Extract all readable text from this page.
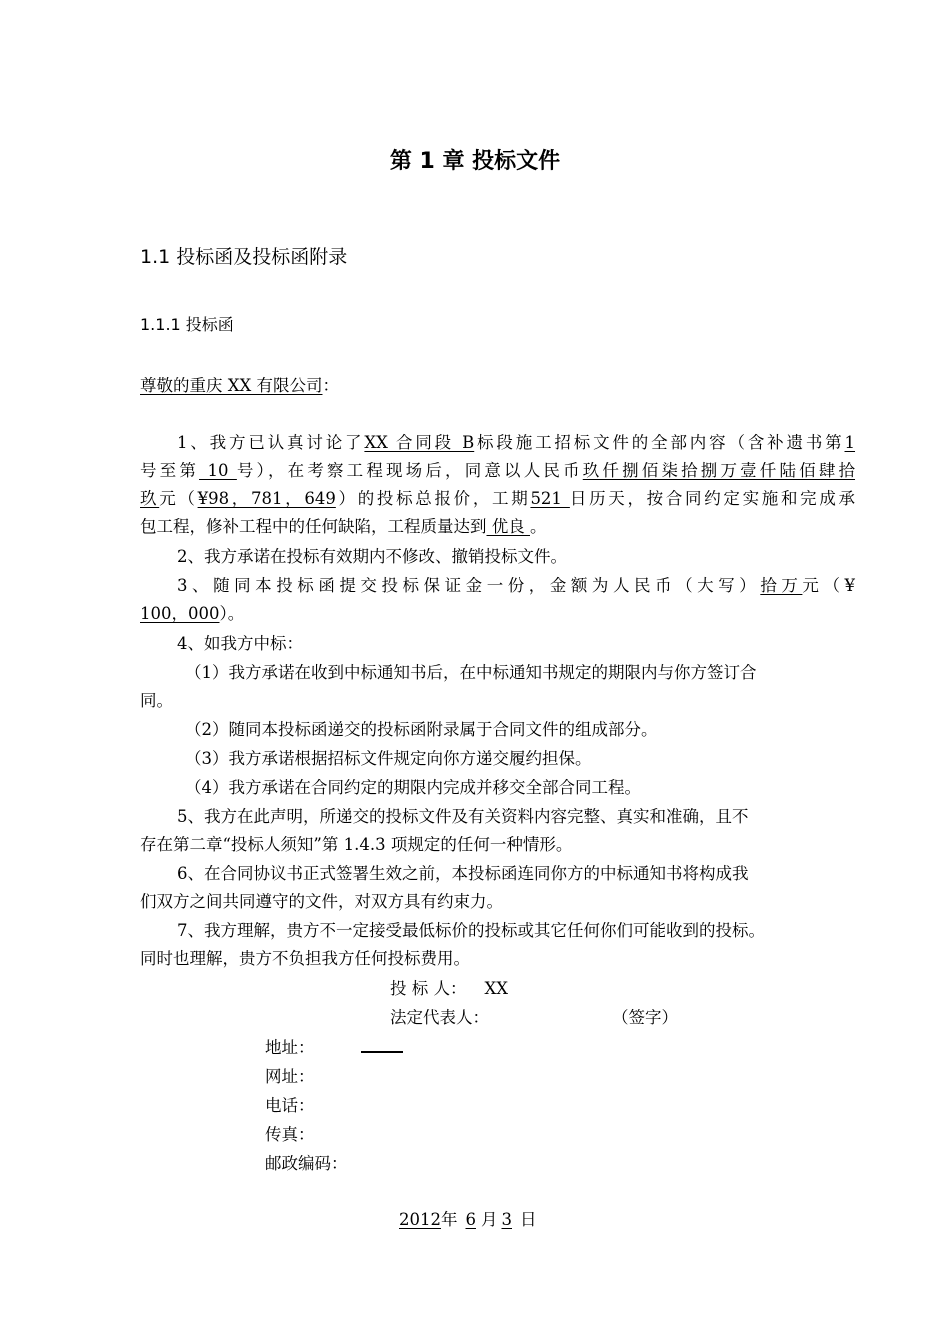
第 1 章 投标文件
1.1 投标函及投标函附录
1.1.1 投标函
尊敬的重庆 XX 有限公司：
1、我方已认真讨论了XX 合同段 B标段施工招标文件的全部内容（含补遗书第1
号至第 10 号），在考察工程现场后，同意以人民币玖仟捌佰柒拾捌万壹仟陆佰肆拾
玖元（¥98，781，649）的投标总报价，工期521 日历天，按合同约定实施和完成承
包工程，修补工程中的任何缺陷，工程质量达到 优良 。
2、我方承诺在投标有效期内不修改、撤销投标文件。
3、随同本投标函提交投标保证金一份，金额为人民币（大写）拾万元（¥
100，000）。
4、如我方中标：
（1）我方承诺在收到中标通知书后，在中标通知书规定的期限内与你方签订合
同。
（2）随同本投标函递交的投标函附录属于合同文件的组成部分。
（3）我方承诺根据招标文件规定向你方递交履约担保。
（4）我方承诺在合同约定的期限内完成并移交全部合同工程。
5、我方在此声明，所递交的投标文件及有关资料内容完整、真实和准确，且不
存在第二章“投标人须知”第 1.4.3 项规定的任何一种情形。
6、在合同协议书正式签署生效之前，本投标函连同你方的中标通知书将构成我
们双方之间共同遵守的文件，对双方具有约束力。
7、我方理解，贵方不一定接受最低标价的投标或其它任何你们可能收到的投标。
同时也理解，贵方不负担我方任何投标费用。
投 标 人： XX
法定代表人：	（签字）
地址：
网址：
电话：
传真：
邮政编码：
2012年 6 月 3 日
